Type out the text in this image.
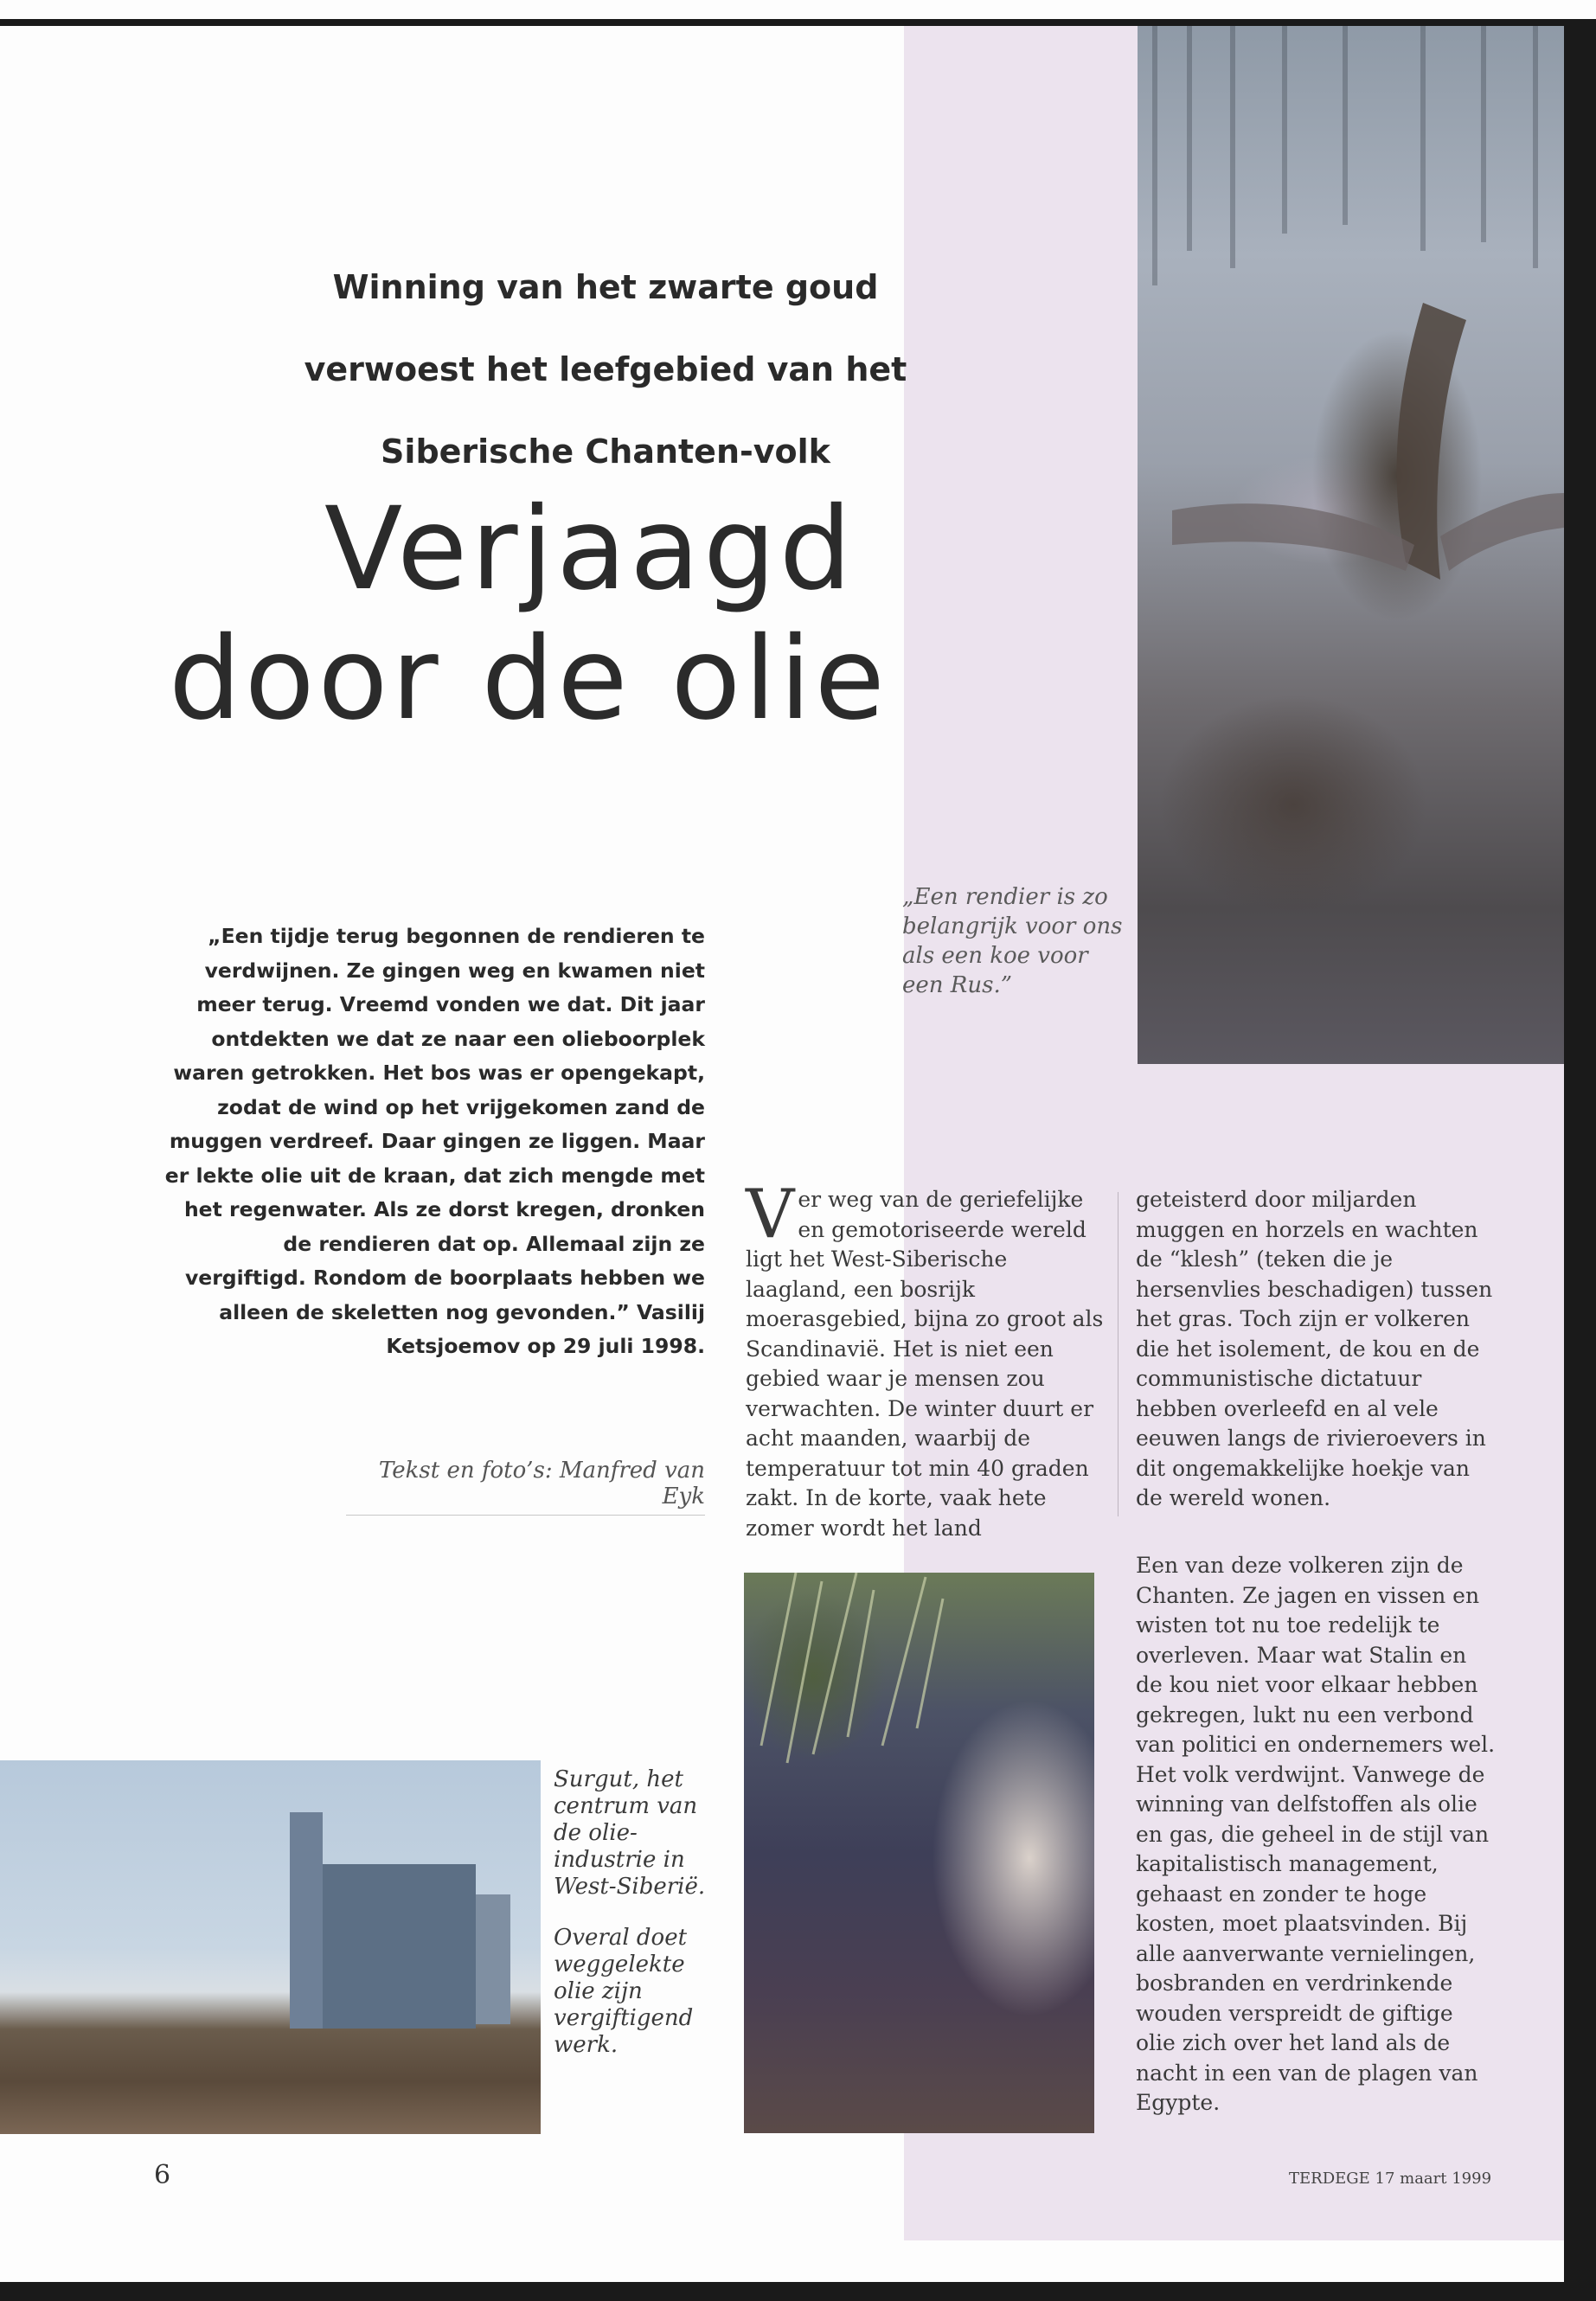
Winning van het zwarte goud
verwoest het leefgebied van het
Siberische Chanten-volk
Verjaagd
door de olie
„Een tijdje terug begonnen de rendieren te verdwijnen. Ze gingen weg en kwamen niet meer terug. Vreemd vonden we dat. Dit jaar ontdekten we dat ze naar een olieboorplek waren getrokken. Het bos was er opengekapt, zodat de wind op het vrijgekomen zand de muggen verdreef. Daar gingen ze liggen. Maar er lekte olie uit de kraan, dat zich mengde met het regenwater. Als ze dorst kregen, dronken de rendieren dat op. Allemaal zijn ze vergiftigd. Rondom de boorplaats hebben we alleen de skeletten nog gevonden.” Vasilij Ketsjoemov op 29 juli 1998.
Tekst en foto’s: Manfred van Eyk
„Een rendier is zo belangrijk voor ons als een koe voor een Rus.”
Ver weg van de geriefelijke en gemotoriseerde wereld ligt het West-Siberische laagland, een bosrijk moerasgebied, bijna zo groot als Scandinavië. Het is niet een gebied waar je mensen zou verwachten. De winter duurt er acht maanden, waarbij de temperatuur tot min 40 graden zakt. In de korte, vaak hete zomer wordt het land
geteisterd door miljarden muggen en horzels en wachten de “klesh” (teken die je hersenvlies beschadigen) tussen het gras. Toch zijn er volkeren die het isolement, de kou en de communistische dictatuur hebben overleefd en al vele eeuwen langs de rivieroevers in dit ongemakkelijke hoekje van de wereld wonen.
Een van deze volkeren zijn de Chanten. Ze jagen en vissen en wisten tot nu toe redelijk te overleven. Maar wat Stalin en de kou niet voor elkaar hebben gekregen, lukt nu een verbond van politici en ondernemers wel. Het volk verdwijnt. Vanwege de winning van delfstoffen als olie en gas, die geheel in de stijl van kapitalistisch management, gehaast en zonder te hoge kosten, moet plaatsvinden. Bij alle aanverwante vernielingen, bosbranden en verdrinkende wouden verspreidt de giftige olie zich over het land als de nacht in een van de plagen van Egypte.

Surgut, het centrum van de olie-industrie in West-Siberië.

Overal doet weggelekte olie zijn vergiftigend werk.

6	TERDEGE 17 maart 1999
